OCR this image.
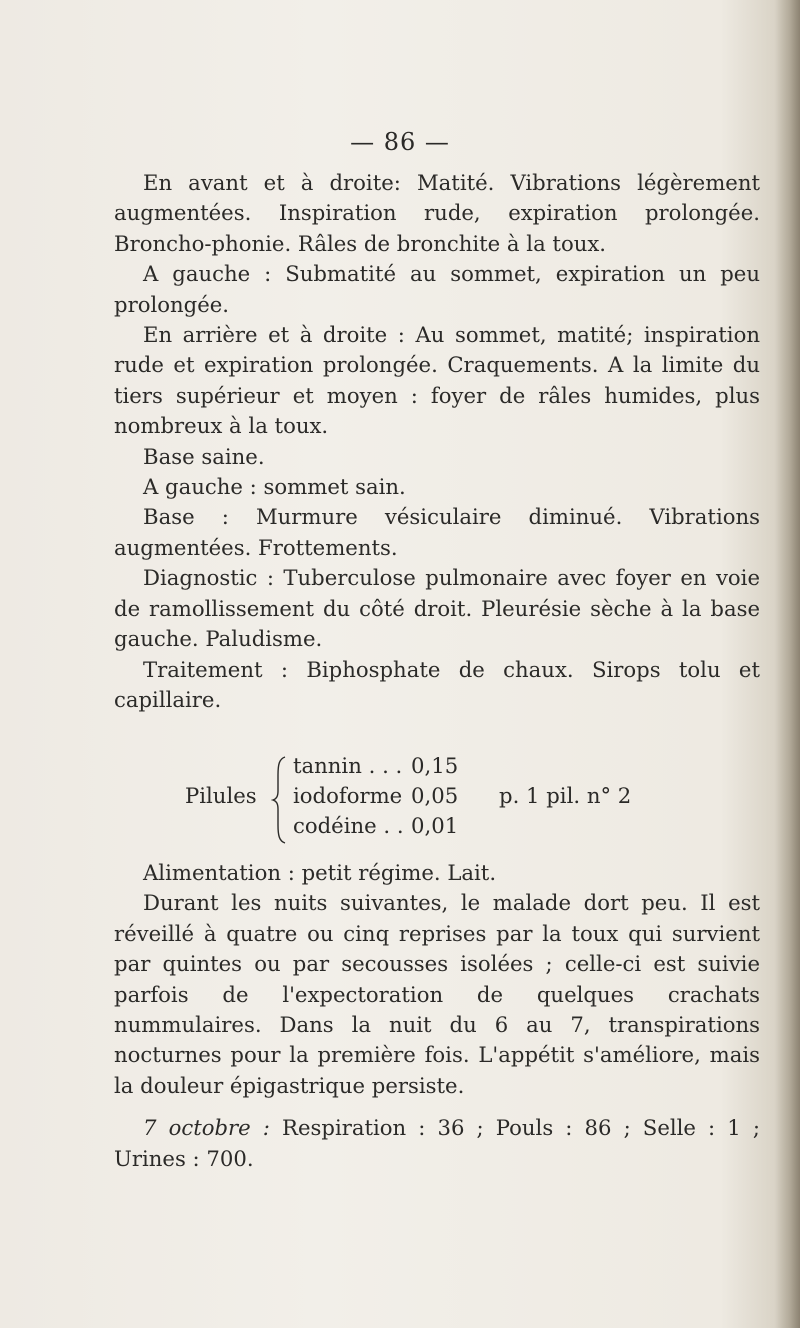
— 86 —

En avant et à droite: Matité. Vibrations légèrement augmentées. Inspiration rude, expiration prolongée. Broncho-phonie. Râles de bronchite à la toux.

A gauche : Submatité au sommet, expiration un peu prolongée.

En arrière et à droite : Au sommet, matité; inspiration rude et expiration prolongée. Craquements. A la limite du tiers supérieur et moyen : foyer de râles humides, plus nombreux à la toux.

Base saine.

A gauche : sommet sain.

Base : Murmure vésiculaire diminué. Vibrations augmentées. Frottements.

Diagnostic : Tuberculose pulmonaire avec foyer en voie de ramollissement du côté droit. Pleurésie sèche à la base gauche. Paludisme.

Traitement : Biphosphate de chaux. Sirops tolu et capillaire.

Pilules
tannin . . . 0,15
iodoforme 0,05
codéine . . 0,01
p. 1 pil. n° 2

Alimentation : petit régime. Lait.

Durant les nuits suivantes, le malade dort peu. Il est réveillé à quatre ou cinq reprises par la toux qui survient par quintes ou par secousses isolées ; celle-ci est suivie parfois de l'expectoration de quelques crachats nummulaires. Dans la nuit du 6 au 7, transpirations nocturnes pour la première fois. L'appétit s'améliore, mais la douleur épigastrique persiste.

7 octobre : Respiration : 36 ; Pouls : 86 ; Selle : 1 ; Urines : 700.
